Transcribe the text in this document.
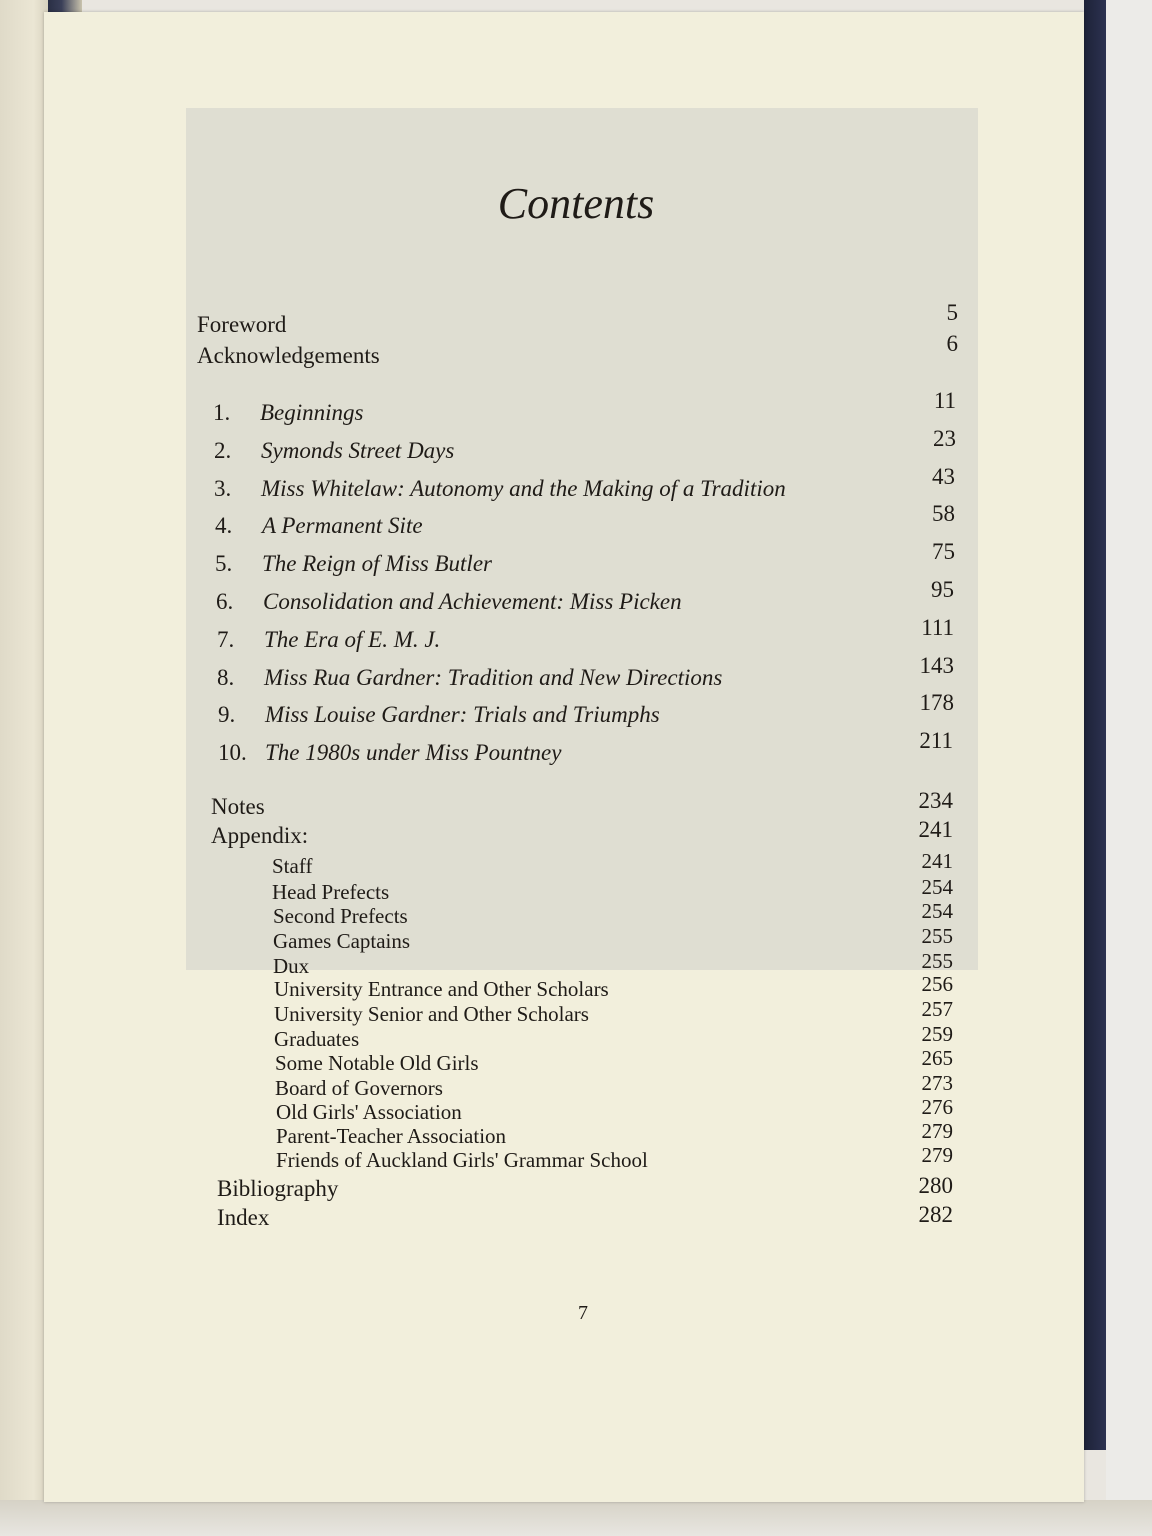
Contents
Foreword	5
Acknowledgements	6
1. Beginnings	11
2. Symonds Street Days	23
3. Miss Whitelaw: Autonomy and the Making of a Tradition	43
4. A Permanent Site	58
5. The Reign of Miss Butler	75
6. Consolidation and Achievement: Miss Picken	95
7. The Era of E. M. J.	111
8. Miss Rua Gardner: Tradition and New Directions	143
9. Miss Louise Gardner: Trials and Triumphs	178
10. The 1980s under Miss Pountney	211
Notes	234
Appendix:	241
Staff	241
Head Prefects	254
Second Prefects	254
Games Captains	255
Dux	255
University Entrance and Other Scholars	256
University Senior and Other Scholars	257
Graduates	259
Some Notable Old Girls	265
Board of Governors	273
Old Girls' Association	276
Parent-Teacher Association	279
Friends of Auckland Girls' Grammar School	279
Bibliography	280
Index	282
7
